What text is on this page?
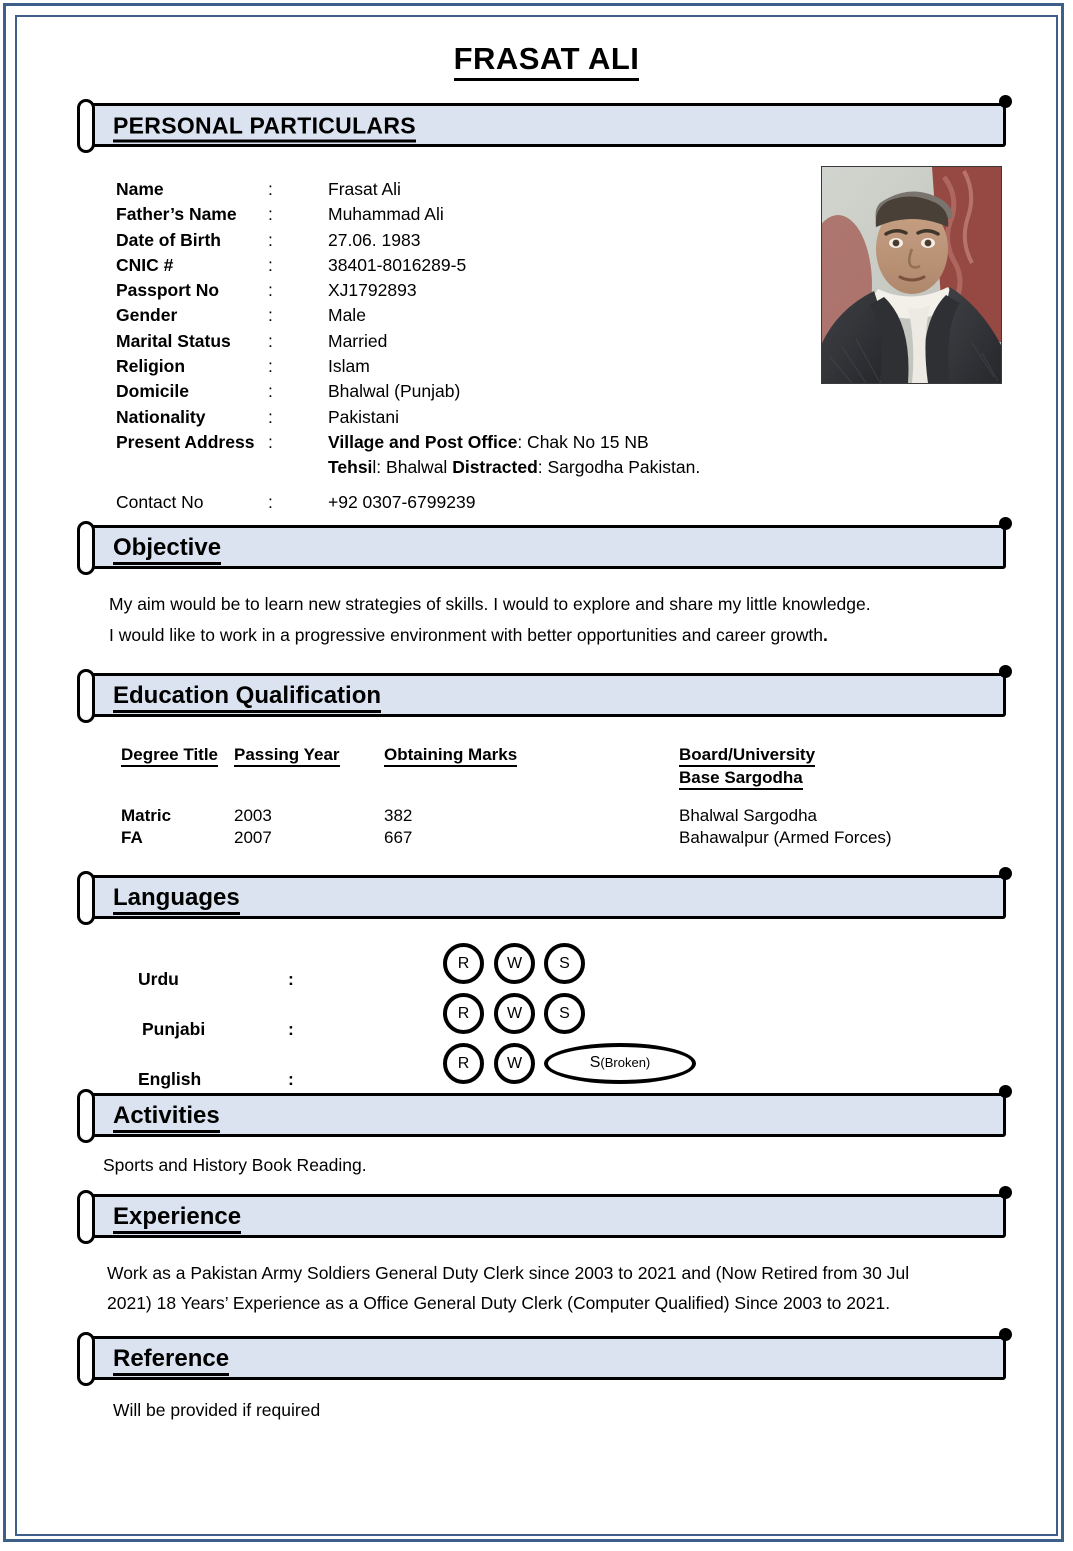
FRASAT ALI
PERSONAL PARTICULARS
Name	:	Frasat Ali
Father’s Name	:	Muhammad Ali
Date of Birth	:	27.06. 1983
CNIC #	:	38401-8016289-5
Passport No	:	XJ1792893
Gender	:	Male
Marital Status	:	Married
Religion	:	Islam
Domicile	:	Bhalwal (Punjab)
Nationality	:	Pakistani
Present Address	:	Village and Post Office: Chak No 15 NB
		Tehsil: Bhalwal Distracted: Sargodha Pakistan.

Contact No	:	+92 0307-6799239
Objective
My aim would be to learn new strategies of skills. I would to explore and share my little knowledge.
I would like to work in a progressive environment with better opportunities and career growth.
Education Qualification
Degree Title	Passing Year	Obtaining Marks	Board/University
			Base Sargodha

Matric	2003	382	Bhalwal Sargodha
FA	2007	667	Bahawalpur (Armed Forces)
Languages
Urdu	:
R	W	S
Punjabi	:
R	W	S
English	:
R	W	S(Broken)
Activities
Sports and History Book Reading.
Experience
Work as a Pakistan Army Soldiers General Duty Clerk since 2003 to 2021 and (Now Retired from 30 Jul
2021) 18 Years’ Experience as a Office General Duty Clerk (Computer Qualified) Since 2003 to 2021.
Reference
Will be provided if required
